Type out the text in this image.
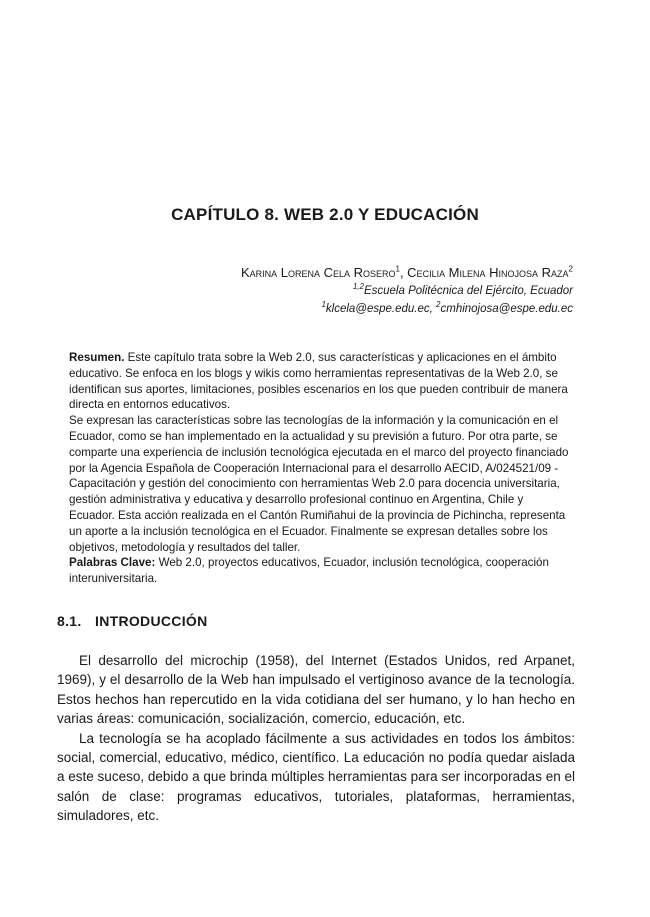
CAPÍTULO 8. WEB 2.0 Y EDUCACIÓN
Karina Lorena Cela Rosero$^1$, Cecilia Milena Hinojosa Raza$^2$
$^{1,2}$Escuela Politécnica del Ejército, Ecuador
$^1$klcela@espe.edu.ec, $^2$cmhinojosa@espe.edu.ec

Resumen. Este capítulo trata sobre la Web 2.0, sus características y aplicaciones en el ámbito educativo. Se enfoca en los blogs y wikis como herramientas representativas de la Web 2.0, se identifican sus aportes, limitaciones, posibles escenarios en los que pueden contribuir de manera directa en entornos educativos.

Se expresan las características sobre las tecnologías de la información y la comunicación en el Ecuador, como se han implementado en la actualidad y su previsión a futuro. Por otra parte, se comparte una experiencia de inclusión tecnológica ejecutada en el marco del proyecto financiado por la Agencia Española de Cooperación Internacional para el desarrollo AECID, A/024521/09 - Capacitación y gestión del conocimiento con herramientas Web 2.0 para docencia universitaria, gestión administrativa y educativa y desarrollo profesional continuo en Argentina, Chile y Ecuador. Esta acción realizada en el Cantón Rumiñahui de la provincia de Pichincha, representa un aporte a la inclusión tecnológica en el Ecuador. Finalmente se expresan detalles sobre los objetivos, metodología y resultados del taller.

Palabras Clave: Web 2.0, proyectos educativos, Ecuador, inclusión tecnológica, cooperación interuniversitaria.

8.1. INTRODUCCIÓN

El desarrollo del microchip (1958), del Internet (Estados Unidos, red Arpanet, 1969), y el desarrollo de la Web han impulsado el vertiginoso avance de la tecnología. Estos hechos han repercutido en la vida cotidiana del ser humano, y lo han hecho en varias áreas: comunicación, socialización, comercio, educación, etc.

La tecnología se ha acoplado fácilmente a sus actividades en todos los ámbitos: social, comercial, educativo, médico, científico. La educación no podía quedar aislada a este suceso, debido a que brinda múltiples herramientas para ser incorporadas en el salón de clase: programas educativos, tutoriales, plataformas, herramientas, simuladores, etc.
